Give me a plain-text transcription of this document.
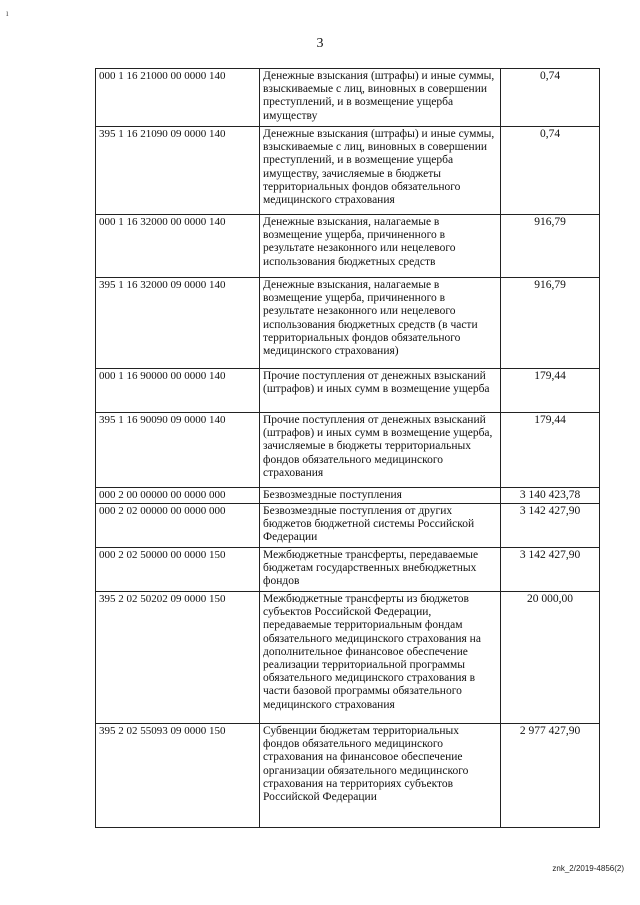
ı
3
000 1 16 21000 00 0000 140	Денежные взыскания (штрафы) и иные суммы, взыскиваемые с лиц, виновных в совершении преступлений, и в возмещение ущерба имуществу	0,74
395 1 16 21090 09 0000 140	Денежные взыскания (штрафы) и иные суммы, взыскиваемые с лиц, виновных в совершении преступлений, и в возмещение ущерба имуществу, зачисляемые в бюджеты территориальных фондов обязательного медицинского страхования	0,74
000 1 16 32000 00 0000 140	Денежные взыскания, налагаемые в возмещение ущерба, причиненного в результате незаконного или нецелевого использования бюджетных средств	916,79
395 1 16 32000 09 0000 140	Денежные взыскания, налагаемые в возмещение ущерба, причиненного в результате незаконного или нецелевого использования бюджетных средств (в части территориальных фондов обязательного медицинского страхования)	916,79
000 1 16 90000 00 0000 140	Прочие поступления от денежных взысканий (штрафов) и иных сумм в возмещение ущерба	179,44
395 1 16 90090 09 0000 140	Прочие поступления от денежных взысканий (штрафов) и иных сумм в возмещение ущерба, зачисляемые в бюджеты территориальных фондов обязательного медицинского страхования	179,44
000 2 00 00000 00 0000 000	Безвозмездные поступления	3 140 423,78
000 2 02 00000 00 0000 000	Безвозмездные поступления от других бюджетов бюджетной системы Российской Федерации	3 142 427,90
000 2 02 50000 00 0000 150	Межбюджетные трансферты, передаваемые бюджетам государственных внебюджетных фондов	3 142 427,90
395 2 02 50202 09 0000 150	Межбюджетные трансферты из бюджетов субъектов Российской Федерации, передаваемые территориальным фондам обязательного медицинского страхования на дополнительное финансовое обеспечение реализации территориальной программы обязательного медицинского страхования в части базовой программы обязательного медицинского страхования	20 000,00
395 2 02 55093 09 0000 150	Субвенции бюджетам территориальных фондов обязательного медицинского страхования на финансовое обеспечение организации обязательного медицинского страхования на территориях субъектов Российской Федерации	2 977 427,90
znk_2/2019-4856(2)
